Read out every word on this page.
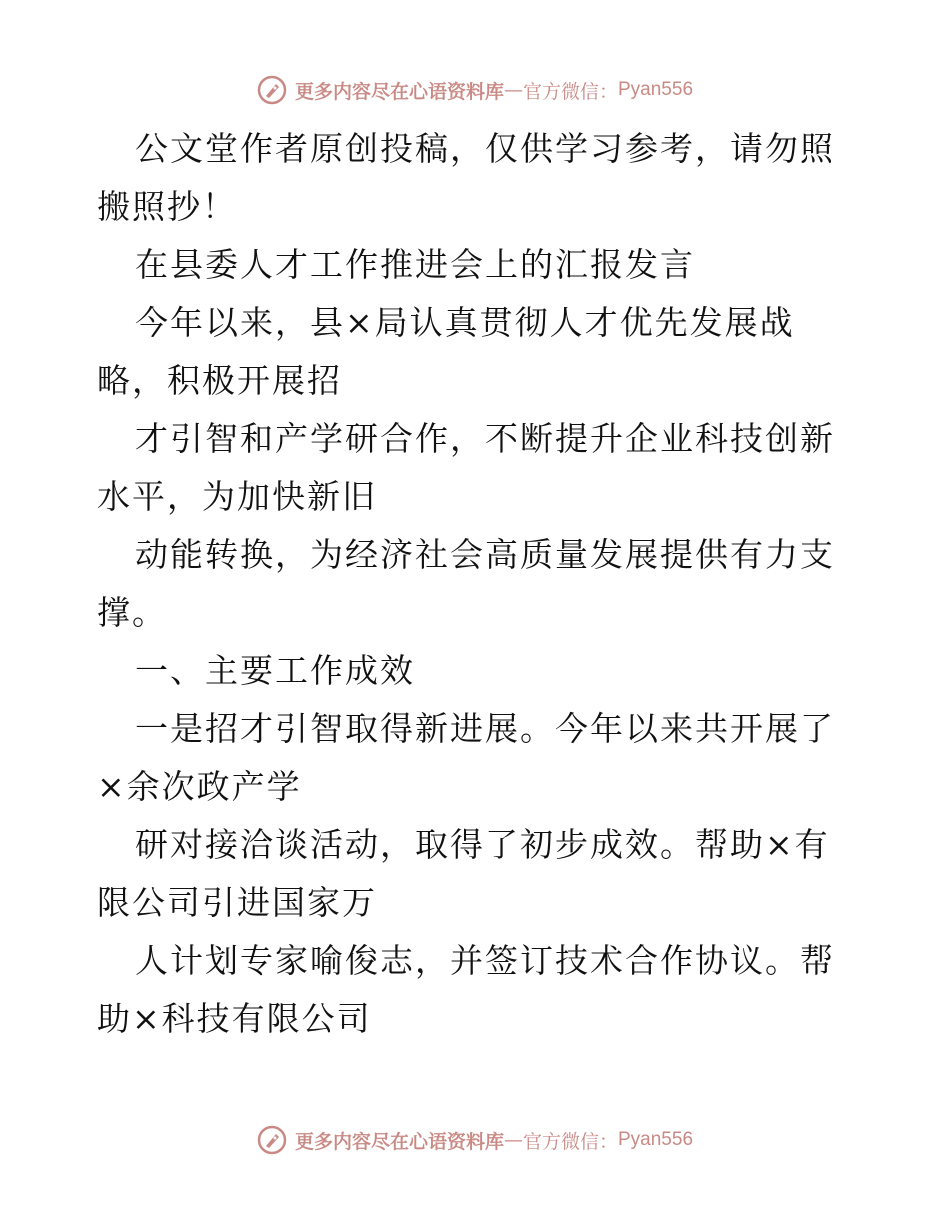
更多内容尽在心语资料库 — 官方微信： Pyan556

公文堂作者原创投稿，仅供学习参考，请勿照搬照抄！

在县委人才工作推进会上的汇报发言

今年以来，县×局认真贯彻人才优先发展战略，积极开展招

才引智和产学研合作，不断提升企业科技创新水平，为加快新旧

动能转换，为经济社会高质量发展提供有力支撑。

一、主要工作成效

一是招才引智取得新进展。今年以来共开展了×余次政产学

研对接洽谈活动，取得了初步成效。帮助×有限公司引进国家万

人计划专家喻俊志，并签订技术合作协议。帮助×科技有限公司

更多内容尽在心语资料库 — 官方微信： Pyan556
